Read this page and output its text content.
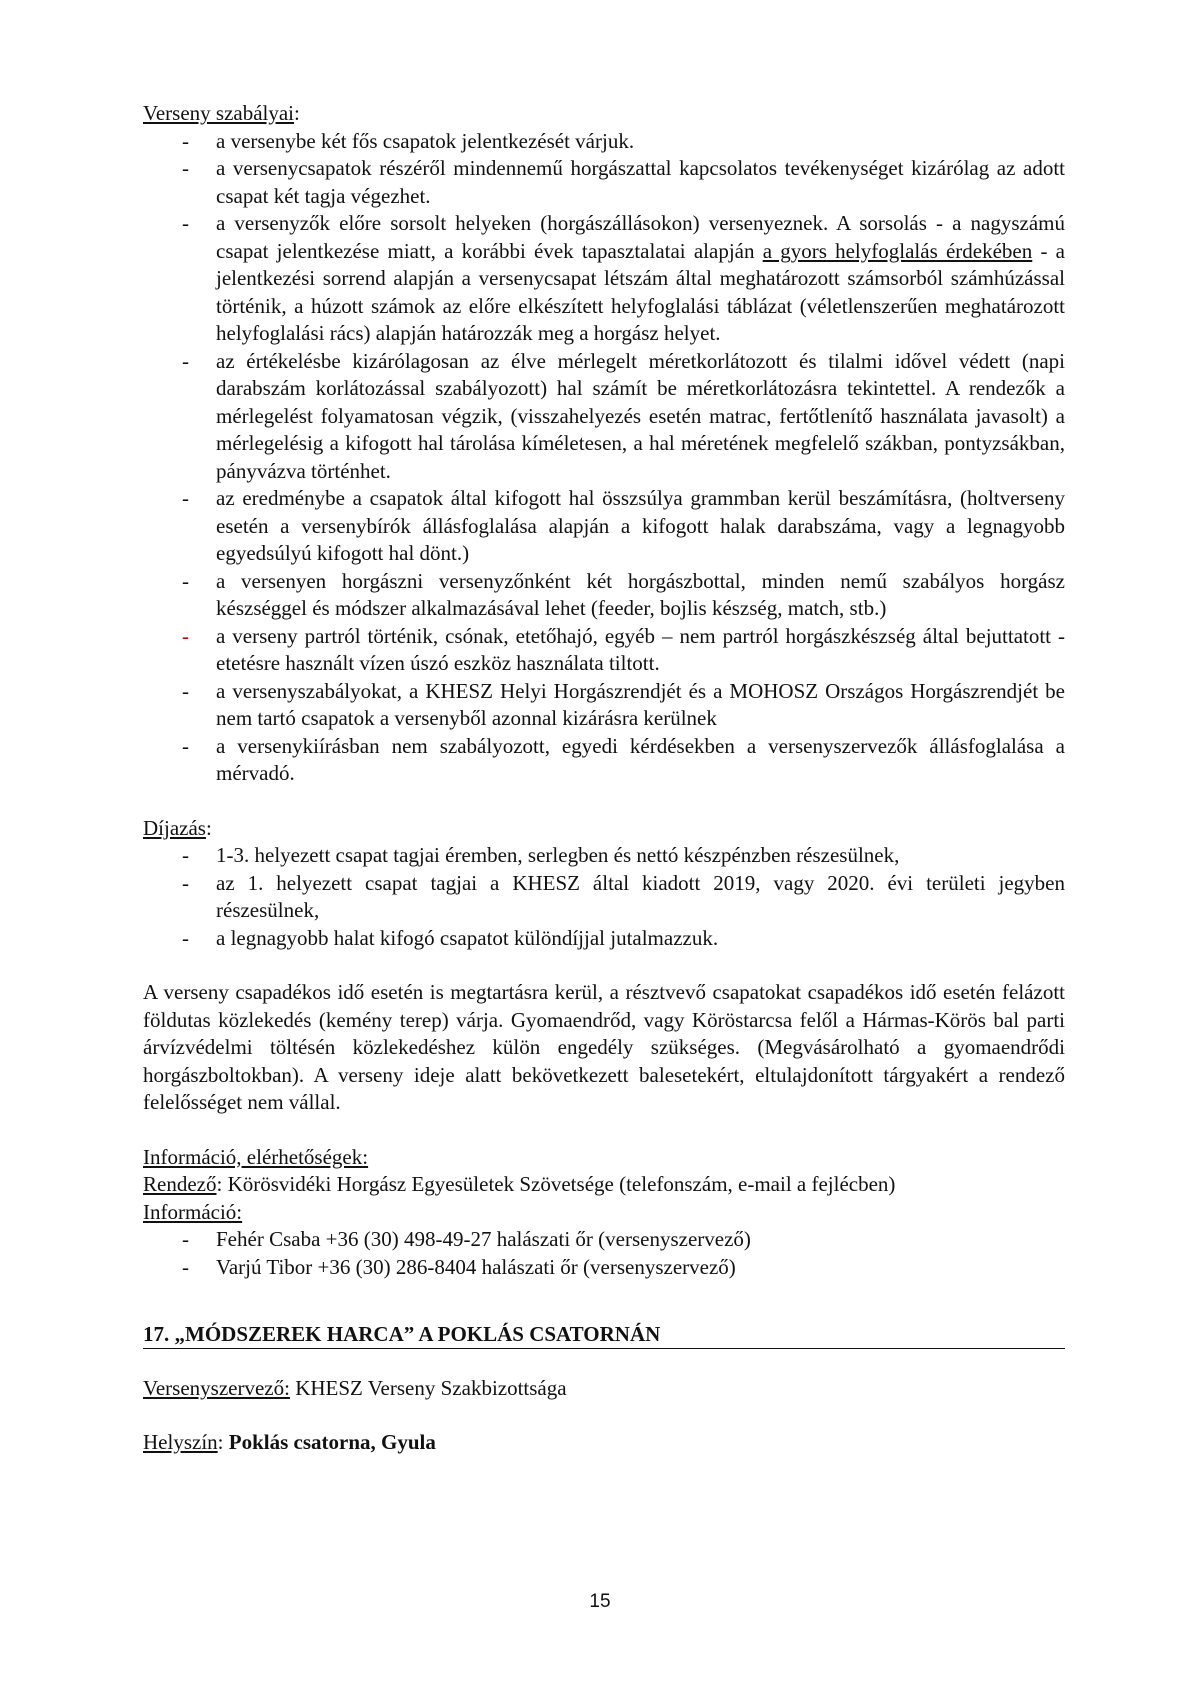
Verseny szabályai:

- a versenybe két fős csapatok jelentkezését várjuk.
- a versenycsapatok részéről mindennemű horgászattal kapcsolatos tevékenységet kizárólag az adott csapat két tagja végezhet.
- a versenyzők előre sorsolt helyeken (horgászállásokon) versenyeznek. A sorsolás - a nagyszámú csapat jelentkezése miatt, a korábbi évek tapasztalatai alapján a gyors helyfoglalás érdekében - a jelentkezési sorrend alapján a versenycsapat létszám által meghatározott számsorból számhúzással történik, a húzott számok az előre elkészített helyfoglalási táblázat (véletlenszerűen meghatározott helyfoglalási rács) alapján határozzák meg a horgász helyet.
- az értékelésbe kizárólagosan az élve mérlegelt méretkorlátozott és tilalmi idővel védett (napi darabszám korlátozással szabályozott) hal számít be méretkorlátozásra tekintettel. A rendezők a mérlegelést folyamatosan végzik, (visszahelyezés esetén matrac, fertőtlenítő használata javasolt) a mérlegelésig a kifogott hal tárolása kíméletesen, a hal méretének megfelelő szákban, pontyzsákban, pányvázva történhet.
- az eredménybe a csapatok által kifogott hal összsúlya grammban kerül beszámításra, (holtverseny esetén a versenybírók állásfoglalása alapján a kifogott halak darabszáma, vagy a legnagyobb egyedsúlyú kifogott hal dönt.)
- a versenyen horgászni versenyzőnként két horgászbottal, minden nemű szabályos horgász készséggel és módszer alkalmazásával lehet (feeder, bojlis készség, match, stb.)
- a verseny partról történik, csónak, etetőhajó, egyéb – nem partról horgászkészség által bejuttatott - etetésre használt vízen úszó eszköz használata tiltott.
- a versenyszabályokat, a KHESZ Helyi Horgászrendjét és a MOHOSZ Országos Horgászrendjét be nem tartó csapatok a versenyből azonnal kizárásra kerülnek
- a versenykiírásban nem szabályozott, egyedi kérdésekben a versenyszervezők állásfoglalása a mérvadó.

Díjazás:

- 1-3. helyezett csapat tagjai éremben, serlegben és nettó készpénzben részesülnek,
- az 1. helyezett csapat tagjai a KHESZ által kiadott 2019, vagy 2020. évi területi jegyben részesülnek,
- a legnagyobb halat kifogó csapatot különdíjjal jutalmazzuk.

A verseny csapadékos idő esetén is megtartásra kerül, a résztvevő csapatokat csapadékos idő esetén felázott földutas közlekedés (kemény terep) várja. Gyomaendrőd, vagy Köröstarcsa felől a Hármas-Körös bal parti árvízvédelmi töltésén közlekedéshez külön engedély szükséges. (Megvásárolható a gyomaendrődi horgászboltokban). A verseny ideje alatt bekövetkezett balesetekért, eltulajdonított tárgyakért a rendező felelősséget nem vállal.

Információ, elérhetőségek:

Rendező: Körösvidéki Horgász Egyesületek Szövetsége (telefonszám, e-mail a fejlécben)

Információ:

- Fehér Csaba +36 (30) 498-49-27 halászati őr (versenyszervező)
- Varjú Tibor +36 (30) 286-8404 halászati őr (versenyszervező)

17. „MÓDSZEREK HARCA” A POKLÁS CSATORNÁN

Versenyszervező: KHESZ Verseny Szakbizottsága

Helyszín: Poklás csatorna, Gyula

15
